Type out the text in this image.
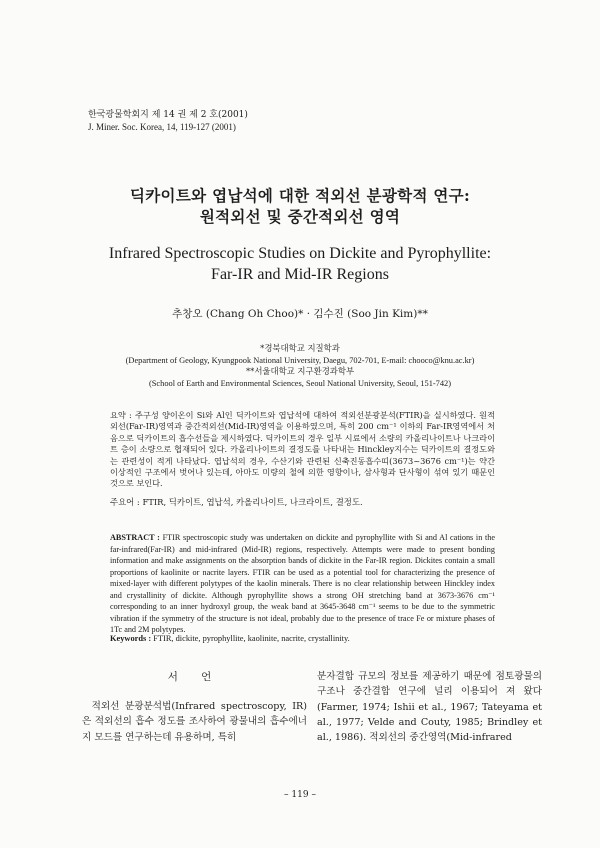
한국광물학회지 제 14 권 제 2 호(2001)
J. Miner. Soc. Korea, 14, 119-127 (2001)
딕카이트와 엽납석에 대한 적외선 분광학적 연구:
원적외선 및 중간적외선 영역
Infrared Spectroscopic Studies on Dickite and Pyrophyllite:
Far-IR and Mid-IR Regions
추창오 (Chang Oh Choo)* · 김수진 (Soo Jin Kim)**
*경북대학교 지질학과
(Department of Geology, Kyungpook National University, Daegu, 702-701, E-mail: chooco@knu.ac.kr)
**서울대학교 지구환경과학부
(School of Earth and Environmental Sciences, Seoul National University, Seoul, 151-742)
요약 : 주구성 양이온이 Si와 Al인 딕카이트와 엽납석에 대하여 적외선분광분석(FTIR)을 실시하였다. 원적외선(Far-IR)영역과 중간적외선(Mid-IR)영역을 이용하였으며, 특히 200 cm⁻¹ 이하의 Far-IR영역에서 처음으로 딕카이트의 흡수선들을 제시하였다. 딕카이트의 경우 일부 시료에서 소량의 카올리나이트나 나크라이트 층이 소량으로 협재되어 있다. 카올리나이트의 결정도를 나타내는 Hinckley지수는 딕카이트의 결정도와는 관련성이 적게 나타났다. 엽납석의 경우, 수산기와 관련된 신축진동흡수띠(3673~3676 cm⁻¹)는 약간 이상적인 구조에서 벗어나 있는데, 아마도 미량의 철에 의한 영향이나, 삼사형과 단사형이 섞여 있기 때문인 것으로 보인다.
주요어 : FTIR, 딕카이트, 엽납석, 카올리나이트, 나크라이트, 결정도.
ABSTRACT : FTIR spectroscopic study was undertaken on dickite and pyrophyllite with Si and Al cations in the far-infrared(Far-IR) and mid-infrared (Mid-IR) regions, respectively. Attempts were made to present bonding information and make assignments on the absorption bands of dickite in the Far-IR region. Dickites contain a small proportions of kaolinite or nacrite layers. FTIR can be used as a potential tool for characterizing the presence of mixed-layer with different polytypes of the kaolin minerals. There is no clear relationship between Hinckley index and crystallinity of dickite. Although pyrophyllite shows a strong OH stretching band at 3673-3676 cm⁻¹ corresponding to an inner hydroxyl group, the weak band at 3645-3648 cm⁻¹ seems to be due to the symmetric vibration if the symmetry of the structure is not ideal, probably due to the presence of trace Fe or mixture phases of 1Tc and 2M polytypes.
Keywords : FTIR, dickite, pyrophyllite, kaolinite, nacrite, crystallinity.
서 언

적외선 분광분석법(Infrared spectroscopy, IR)은 적외선의 흡수 정도를 조사하여 광물내의 흡수에너지 모드를 연구하는데 유용하며, 특히

분자결합 규모의 정보를 제공하기 때문에 점토광물의 구조나 중간결합 연구에 널리 이용되어 져 왔다(Farmer, 1974; Ishii et al., 1967; Tateyama et al., 1977; Velde and Couty, 1985; Brindley et al., 1986). 적외선의 중간영역(Mid-infrared

– 119 –
